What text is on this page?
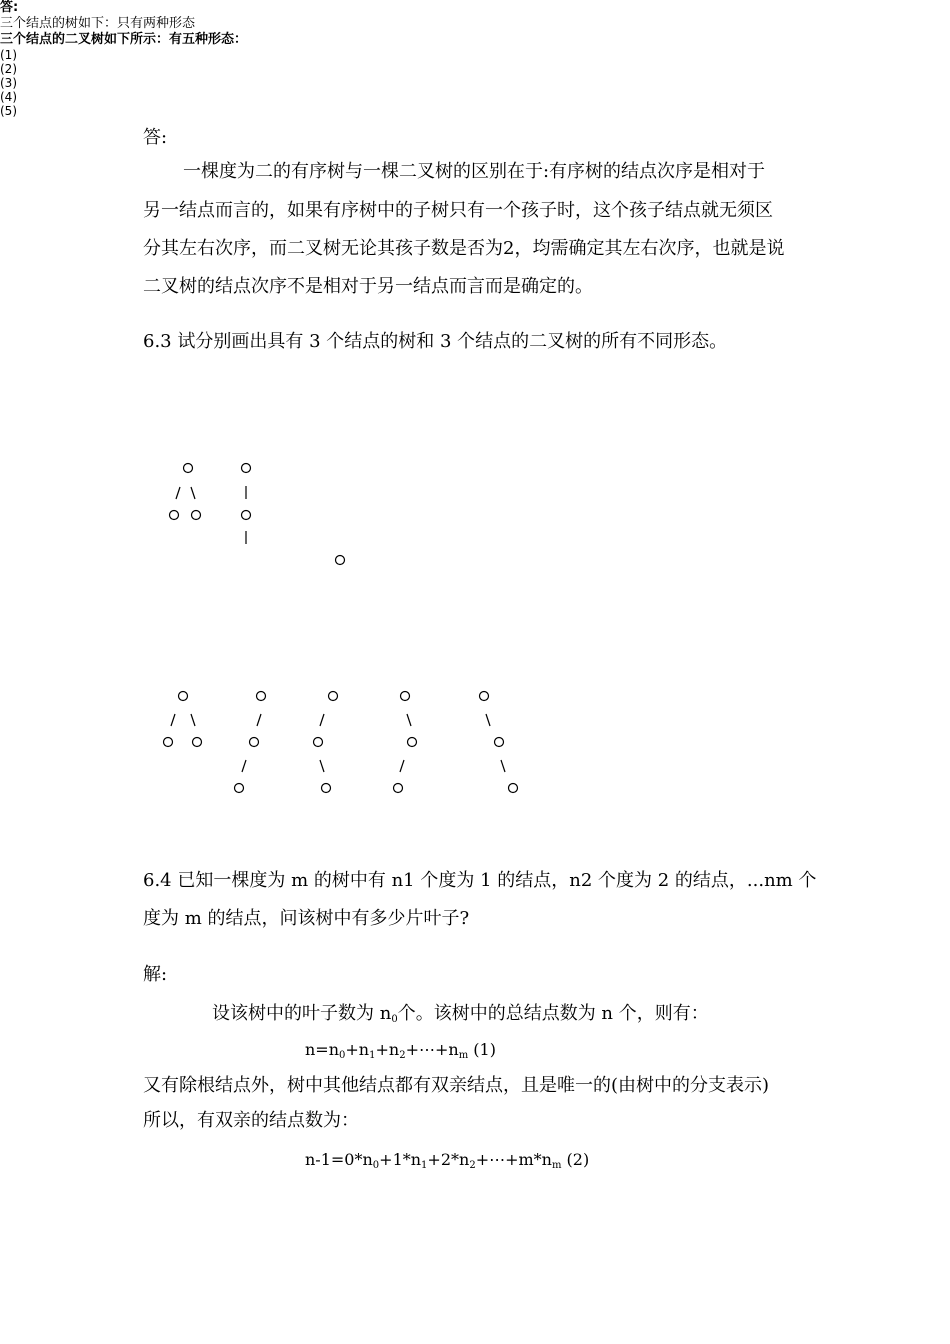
答:
一棵度为二的有序树与一棵二叉树的区别在于:有序树的结点次序是相对于
另一结点而言的，如果有序树中的子树只有一个孩子时，这个孩子结点就无须区
分其左右次序，而二叉树无论其孩子数是否为2，均需确定其左右次序，也就是说
二叉树的结点次序不是相对于另一结点而言而是确定的。
6.3 试分别画出具有 3 个结点的树和 3 个结点的二叉树的所有不同形态。
答:
三个结点的树如下：只有两种形态
三个结点的二叉树如下所示：有五种形态：
(1)
(2)
(3)
(4)
(5)
6.4 已知一棵度为 m 的树中有 n1 个度为 1 的结点，n2 个度为 2 的结点，...nm 个
度为 m 的结点，问该树中有多少片叶子?
解:
设该树中的叶子数为 $n_0$个。该树中的总结点数为 n 个，则有：
$n=n_0+n_1+n_2+\cdots+n_m$ (1)
又有除根结点外，树中其他结点都有双亲结点，且是唯一的(由树中的分支表示)
所以，有双亲的结点数为：
$n-1=0*n_0+1*n_1+2*n_2+\cdots+m*n_m$ (2)
